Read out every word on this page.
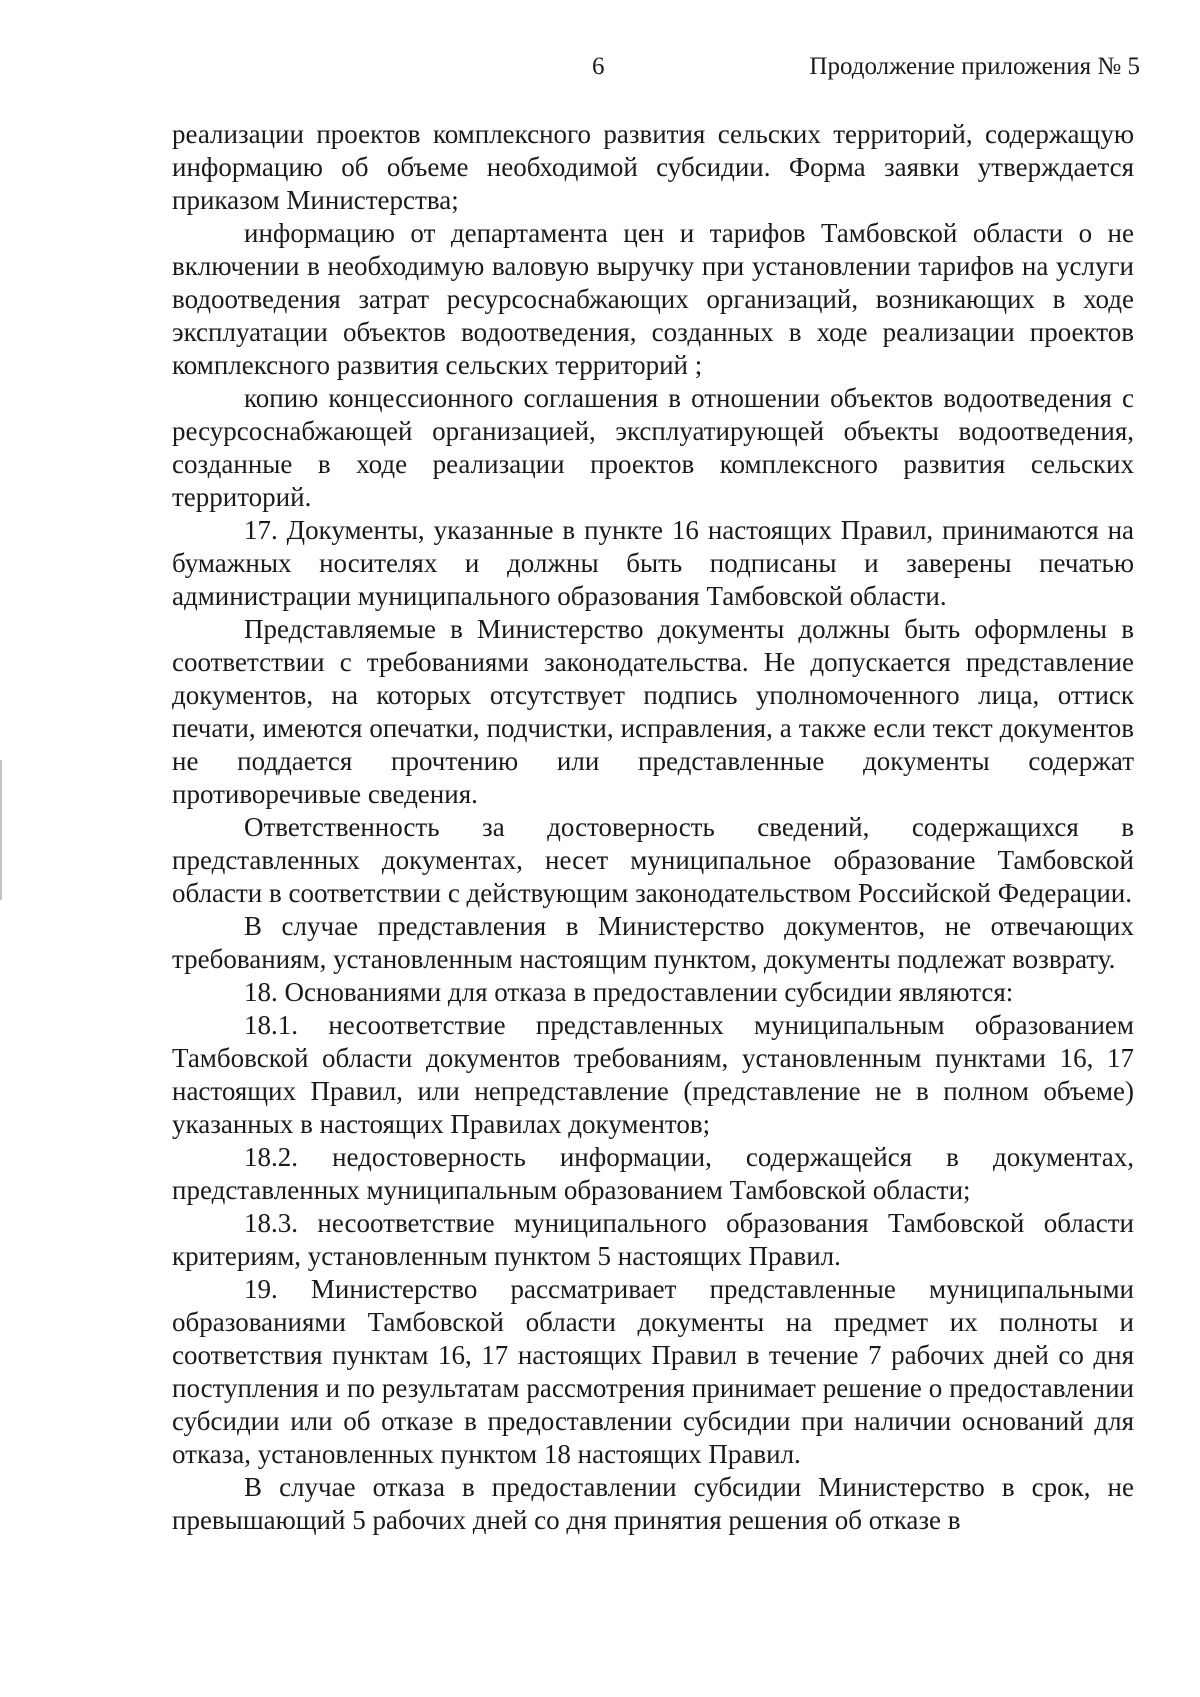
6	Продолжение приложения № 5

реализации проектов комплексного развития сельских территорий, содержащую информацию об объеме необходимой субсидии. Форма заявки утверждается приказом Министерства;

информацию от департамента цен и тарифов Тамбовской области о не включении в необходимую валовую выручку при установлении тарифов на услуги водоотведения затрат ресурсоснабжающих организаций, возникающих в ходе эксплуатации объектов водоотведения, созданных в ходе реализации проектов комплексного развития сельских территорий ;

копию концессионного соглашения в отношении объектов водоотведения с ресурсоснабжающей организацией, эксплуатирующей объекты водоотведения, созданные в ходе реализации проектов комплексного развития сельских территорий.

17. Документы, указанные в пункте 16 настоящих Правил, принимаются на бумажных носителях и должны быть подписаны и заверены печатью администрации муниципального образования Тамбовской области.

Представляемые в Министерство документы должны быть оформлены в соответствии с требованиями законодательства. Не допускается представление документов, на которых отсутствует подпись уполномоченного лица, оттиск печати, имеются опечатки, подчистки, исправления, а также если текст документов не поддается прочтению или представленные документы содержат противоречивые сведения.

Ответственность за достоверность сведений, содержащихся в представленных документах, несет муниципальное образование Тамбовской области в соответствии с действующим законодательством Российской Федерации.

В случае представления в Министерство документов, не отвечающих требованиям, установленным настоящим пунктом, документы подлежат возврату.

18. Основаниями для отказа в предоставлении субсидии являются:

18.1. несоответствие представленных муниципальным образованием Тамбовской области документов требованиям, установленным пунктами 16, 17 настоящих Правил, или непредставление (представление не в полном объеме) указанных в настоящих Правилах документов;

18.2. недостоверность информации, содержащейся в документах, представленных муниципальным образованием Тамбовской области;

18.3. несоответствие муниципального образования Тамбовской области критериям, установленным пунктом 5 настоящих Правил.

19. Министерство рассматривает представленные муниципальными образованиями Тамбовской области документы на предмет их полноты и соответствия пунктам 16, 17 настоящих Правил в течение 7 рабочих дней со дня поступления и по результатам рассмотрения принимает решение о предоставлении субсидии или об отказе в предоставлении субсидии при наличии оснований для отказа, установленных пунктом 18 настоящих Правил.

В случае отказа в предоставлении субсидии Министерство в срок, не превышающий 5 рабочих дней со дня принятия решения об отказе в
